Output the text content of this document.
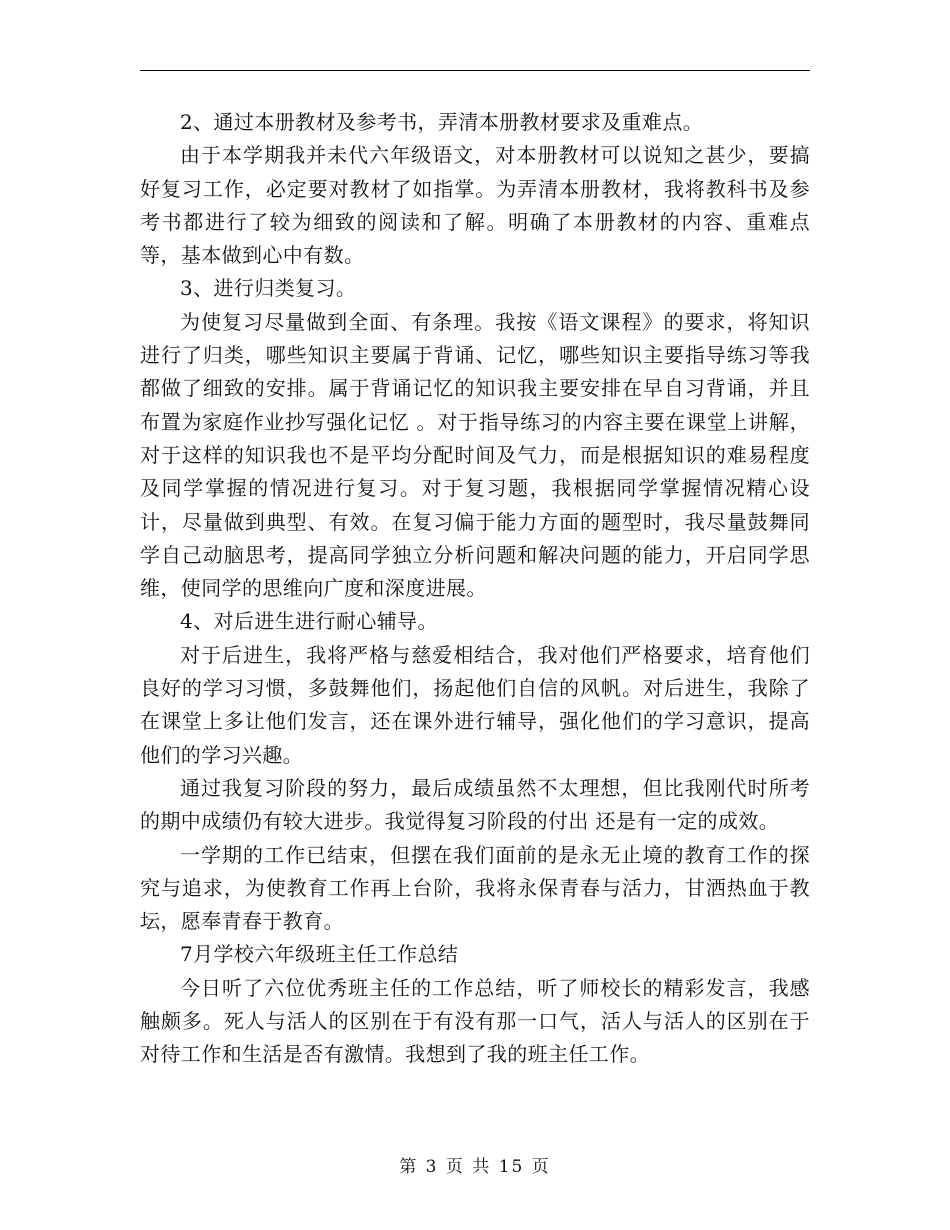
2、通过本册教材及参考书，弄清本册教材要求及重难点。

由于本学期我并未代六年级语文，对本册教材可以说知之甚少，要搞好复习工作，必定要对教材了如指掌。为弄清本册教材，我将教科书及参考书都进行了较为细致的阅读和了解。明确了本册教材的内容、重难点等，基本做到心中有数。

3、进行归类复习。

为使复习尽量做到全面、有条理。我按《语文课程》的要求，将知识进行了归类，哪些知识主要属于背诵、记忆，哪些知识主要指导练习等我都做了细致的安排。属于背诵记忆的知识我主要安排在早自习背诵，并且布置为家庭作业抄写强化记忆 。对于指导练习的内容主要在课堂上讲解，对于这样的知识我也不是平均分配时间及气力，而是根据知识的难易程度及同学掌握的情况进行复习。对于复习题，我根据同学掌握情况精心设计，尽量做到典型、有效。在复习偏于能力方面的题型时，我尽量鼓舞同学自己动脑思考，提高同学独立分析问题和解决问题的能力，开启同学思维，使同学的思维向广度和深度进展。

4、对后进生进行耐心辅导。

对于后进生，我将严格与慈爱相结合，我对他们严格要求，培育他们良好的学习习惯，多鼓舞他们，扬起他们自信的风帆。对后进生，我除了在课堂上多让他们发言，还在课外进行辅导，强化他们的学习意识，提高他们的学习兴趣。

通过我复习阶段的努力，最后成绩虽然不太理想，但比我刚代时所考的期中成绩仍有较大进步。我觉得复习阶段的付出 还是有一定的成效。

一学期的工作已结束，但摆在我们面前的是永无止境的教育工作的探究与追求，为使教育工作再上台阶，我将永保青春与活力，甘洒热血于教坛，愿奉青春于教育。

7月学校六年级班主任工作总结

今日听了六位优秀班主任的工作总结，听了师校长的精彩发言，我感触颇多。死人与活人的区别在于有没有那一口气，活人与活人的区别在于对待工作和生活是否有激情。我想到了我的班主任工作。

第 3 页 共 15 页
